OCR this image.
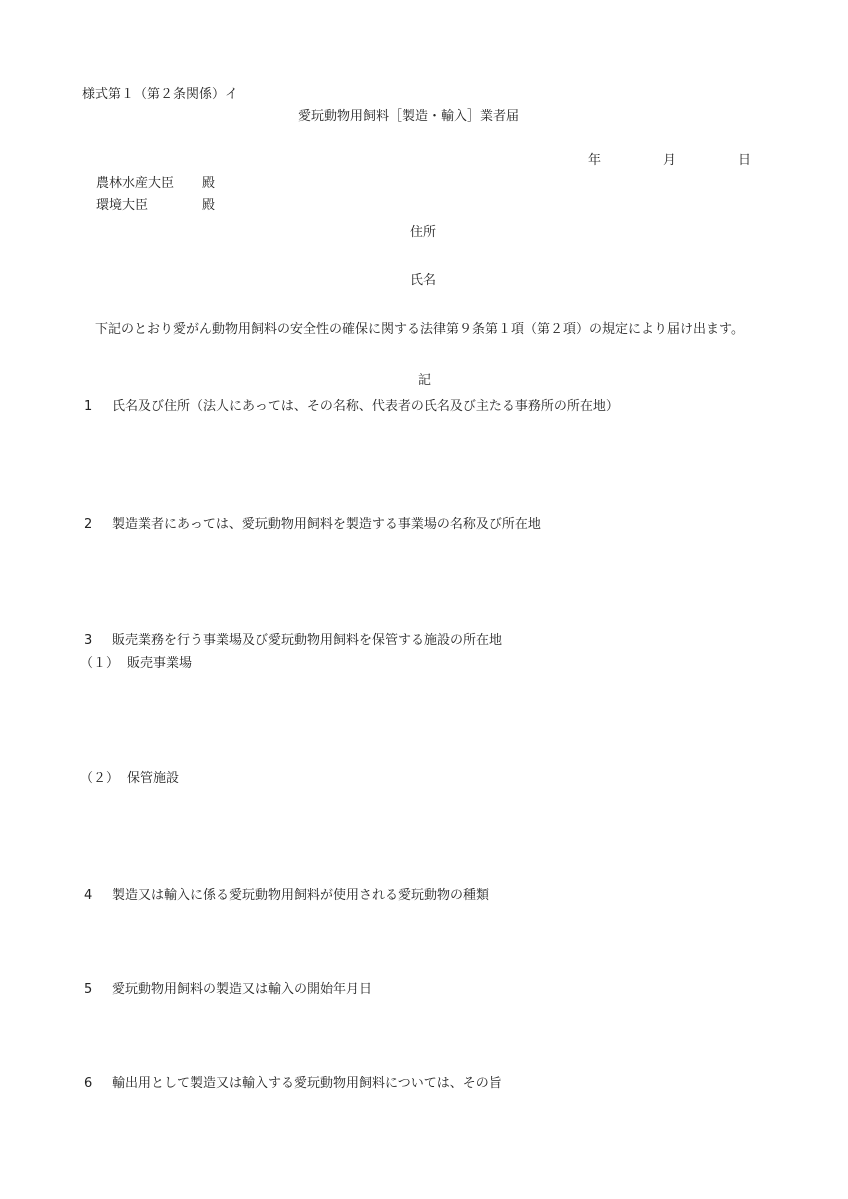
様式第１（第２条関係）イ
愛玩動物用飼料［製造・輸入］業者届
年	月	日
農林水産大臣 殿
環境大臣	殿
住所
氏名
下記のとおり愛がん動物用飼料の安全性の確保に関する法律第９条第１項（第２項）の規定により届け出ます。
記
1 氏名及び住所（法人にあっては、その名称、代表者の氏名及び主たる事務所の所在地）
2 製造業者にあっては、愛玩動物用飼料を製造する事業場の名称及び所在地
3 販売業務を行う事業場及び愛玩動物用飼料を保管する施設の所在地
（１） 販売事業場
（２） 保管施設
4 製造又は輸入に係る愛玩動物用飼料が使用される愛玩動物の種類
5 愛玩動物用飼料の製造又は輸入の開始年月日
6 輸出用として製造又は輸入する愛玩動物用飼料については、その旨
